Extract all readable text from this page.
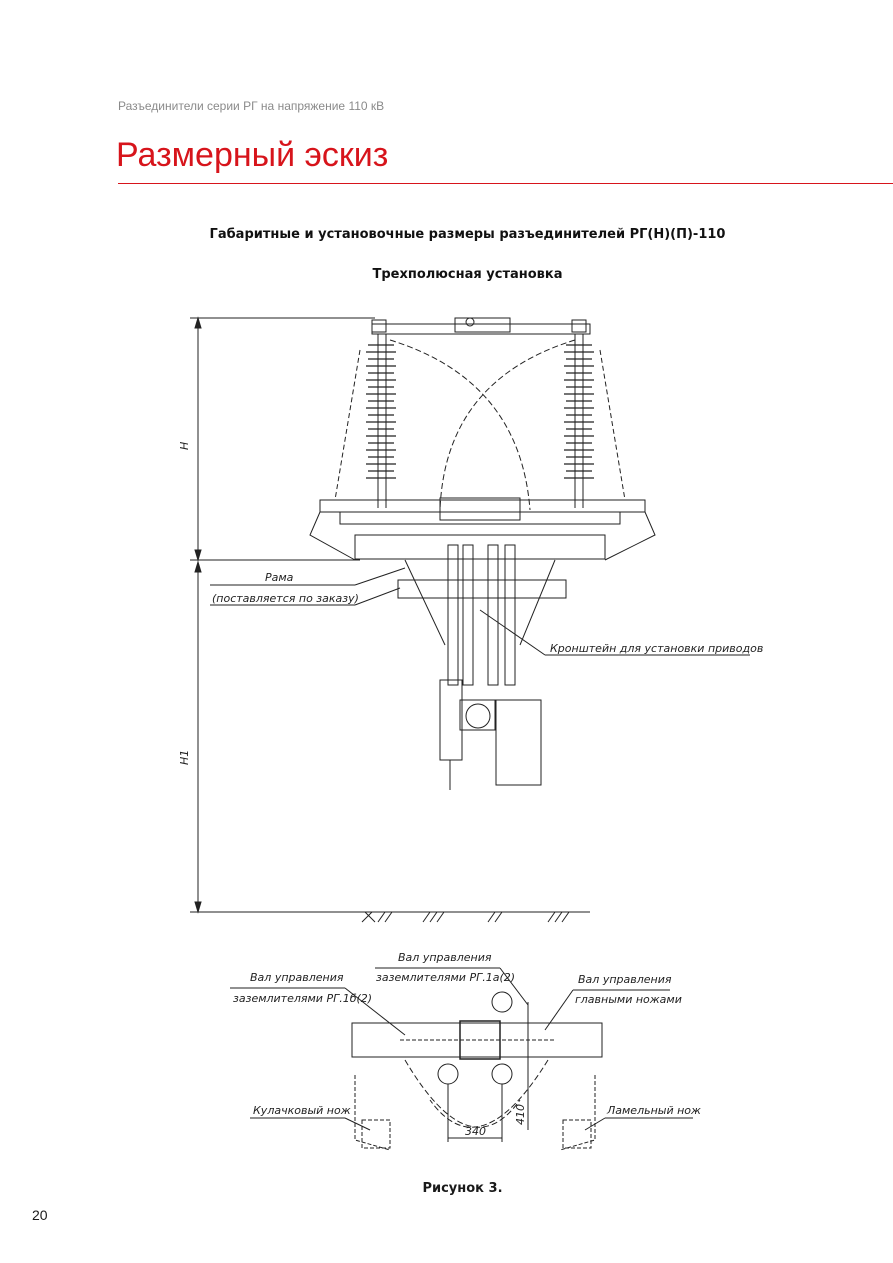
Разъединители серии РГ на напряжение 110 кВ
Размерный эскиз
Габаритные и установочные размеры разъединителей РГ(Н)(П)-110
Трехполюсная установка
H
H1
Рама
(поставляется по заказу)
Кронштейн для установки приводов
Вал управления
заземлителями РГ.1б(2)
Вал управления
заземлителями РГ.1а(2)	Вал управления
главными ножами
Кулачковый нож	Ламельный нож
340
410
Рисунок 3.
20
